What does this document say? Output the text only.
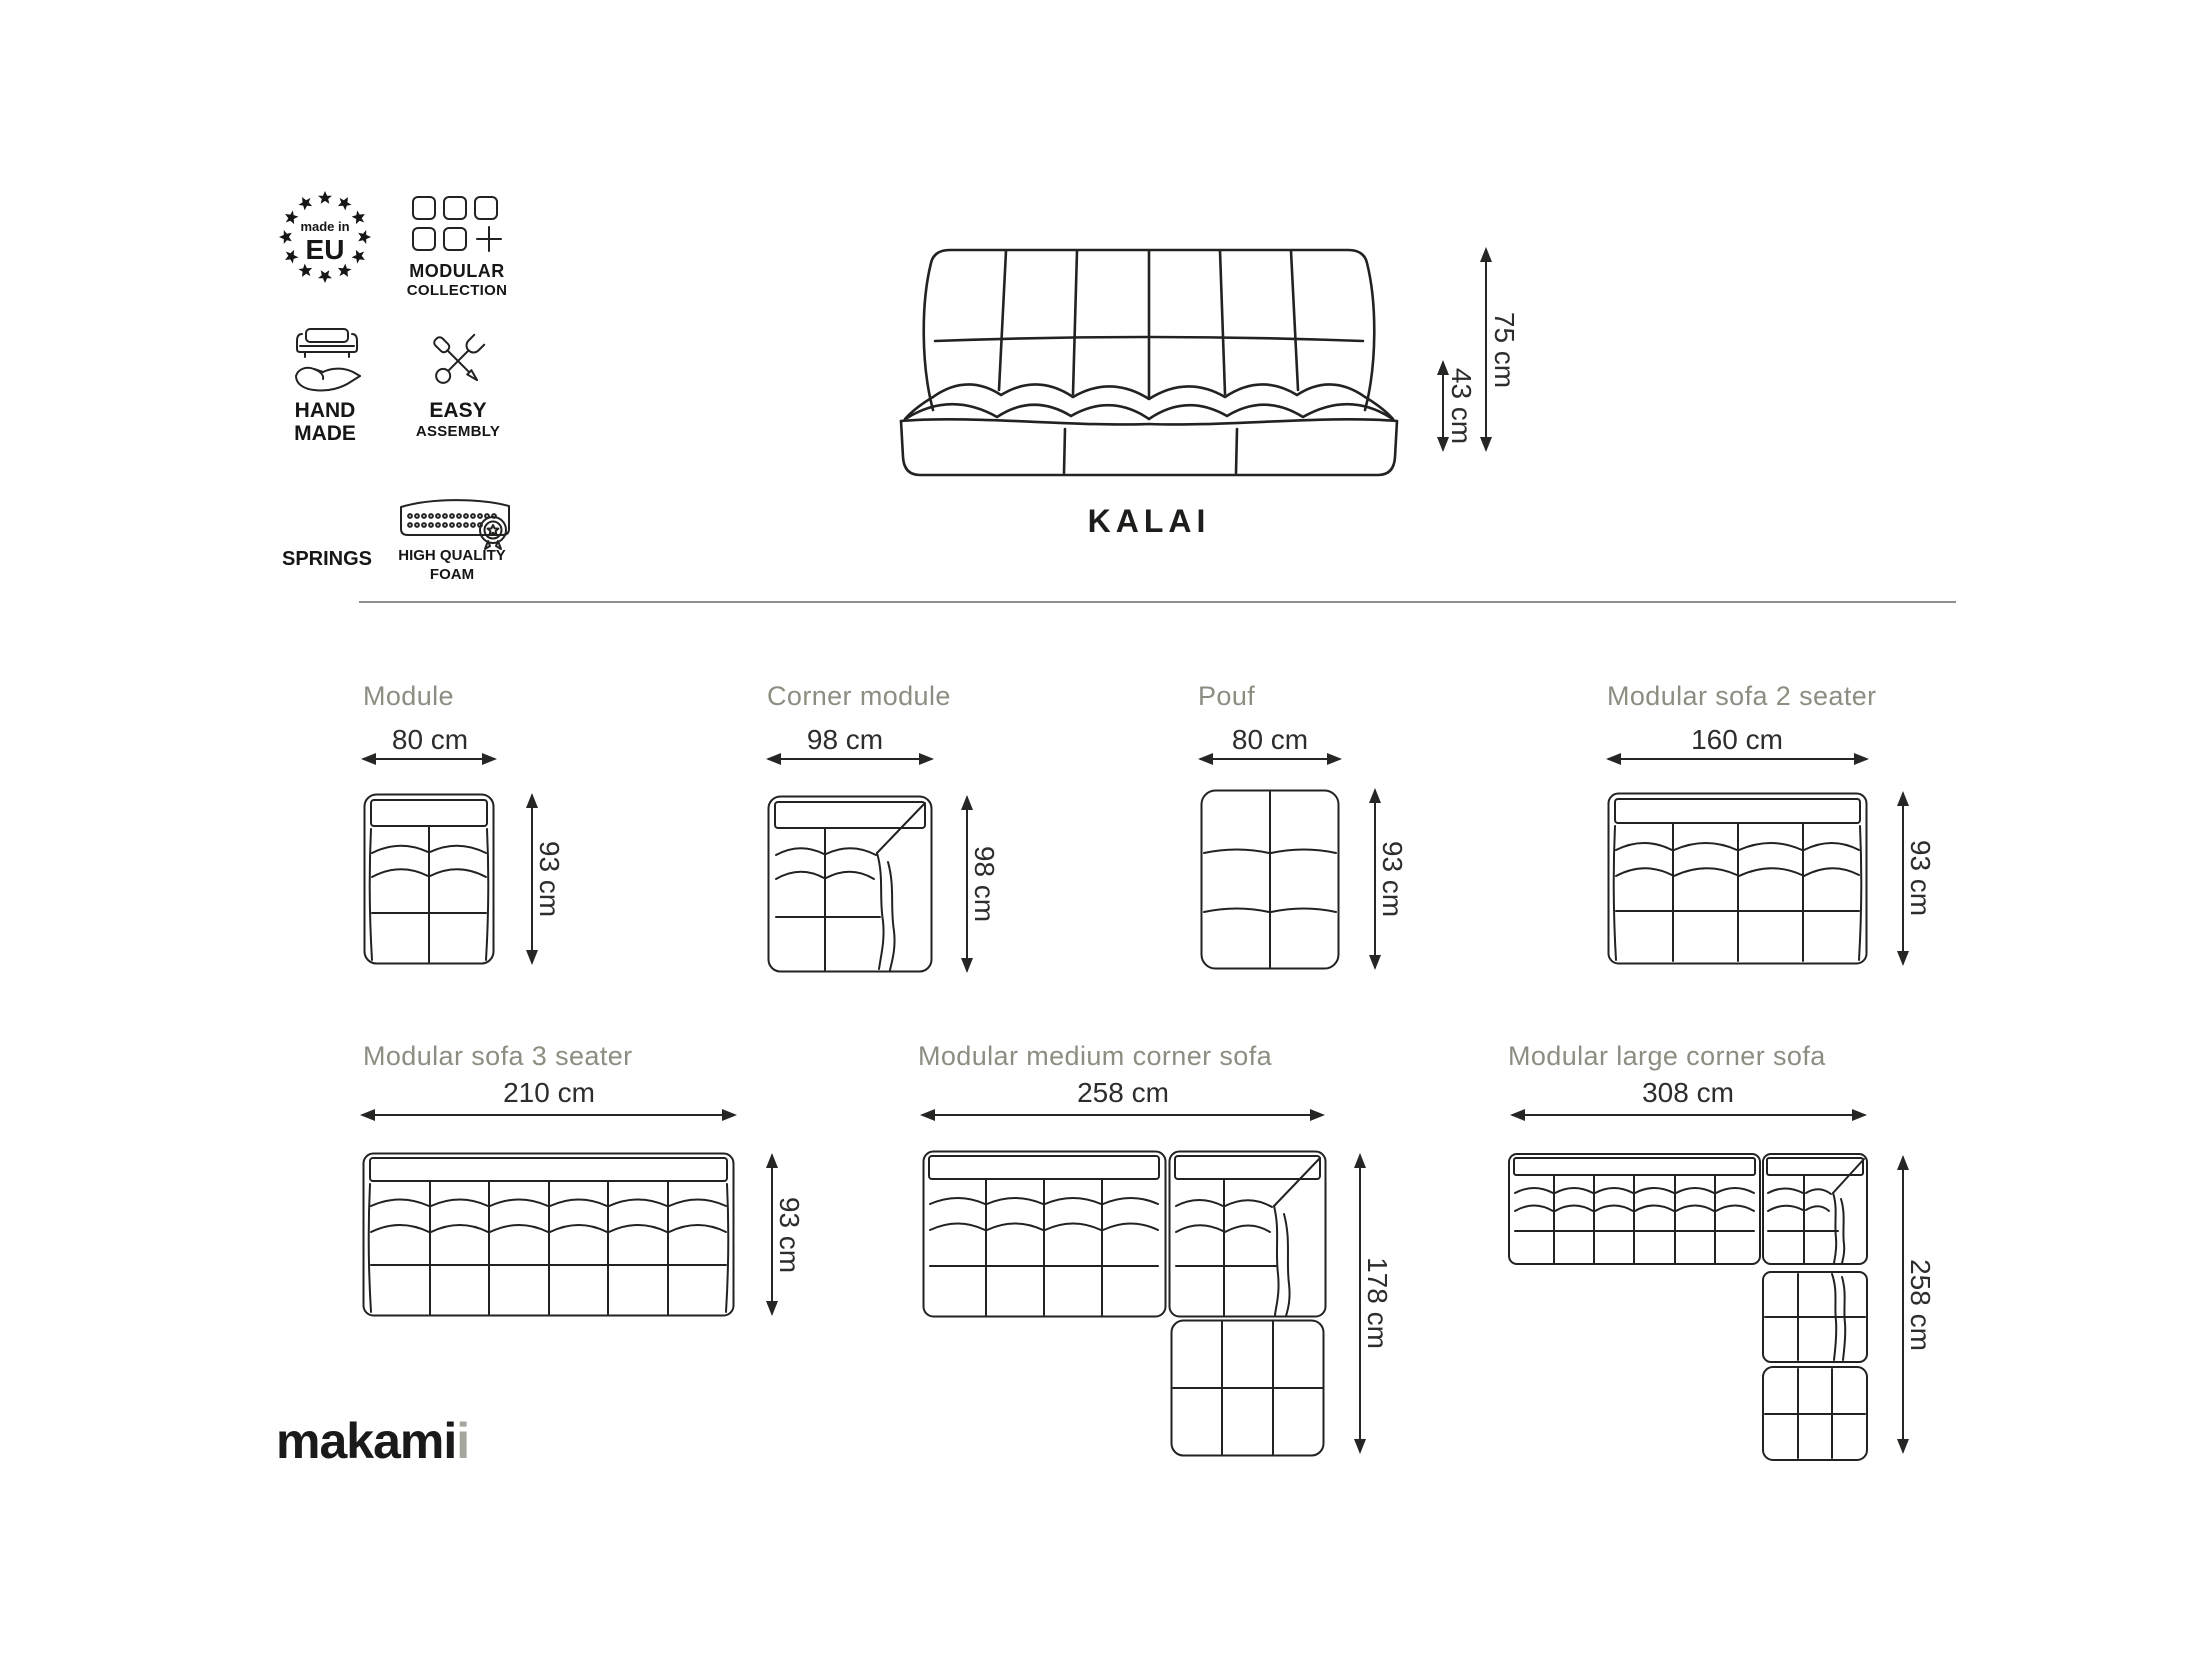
made in
EU
MODULAR
COLLECTION
HAND
MADE
EASY
ASSEMBLY
SPRINGS	HIGH QUALITY
FOAM
43 cm
75 cm
KALAI
Module
80 cm
93 cm
Corner module
98 cm
98 cm
Pouf
80 cm
93 cm
Modular sofa 2 seater
160 cm
93 cm
Modular sofa 3 seater
210 cm
93 cm
Modular medium corner sofa
258 cm
178 cm
Modular large corner sofa
308 cm
258 cm
makamii
